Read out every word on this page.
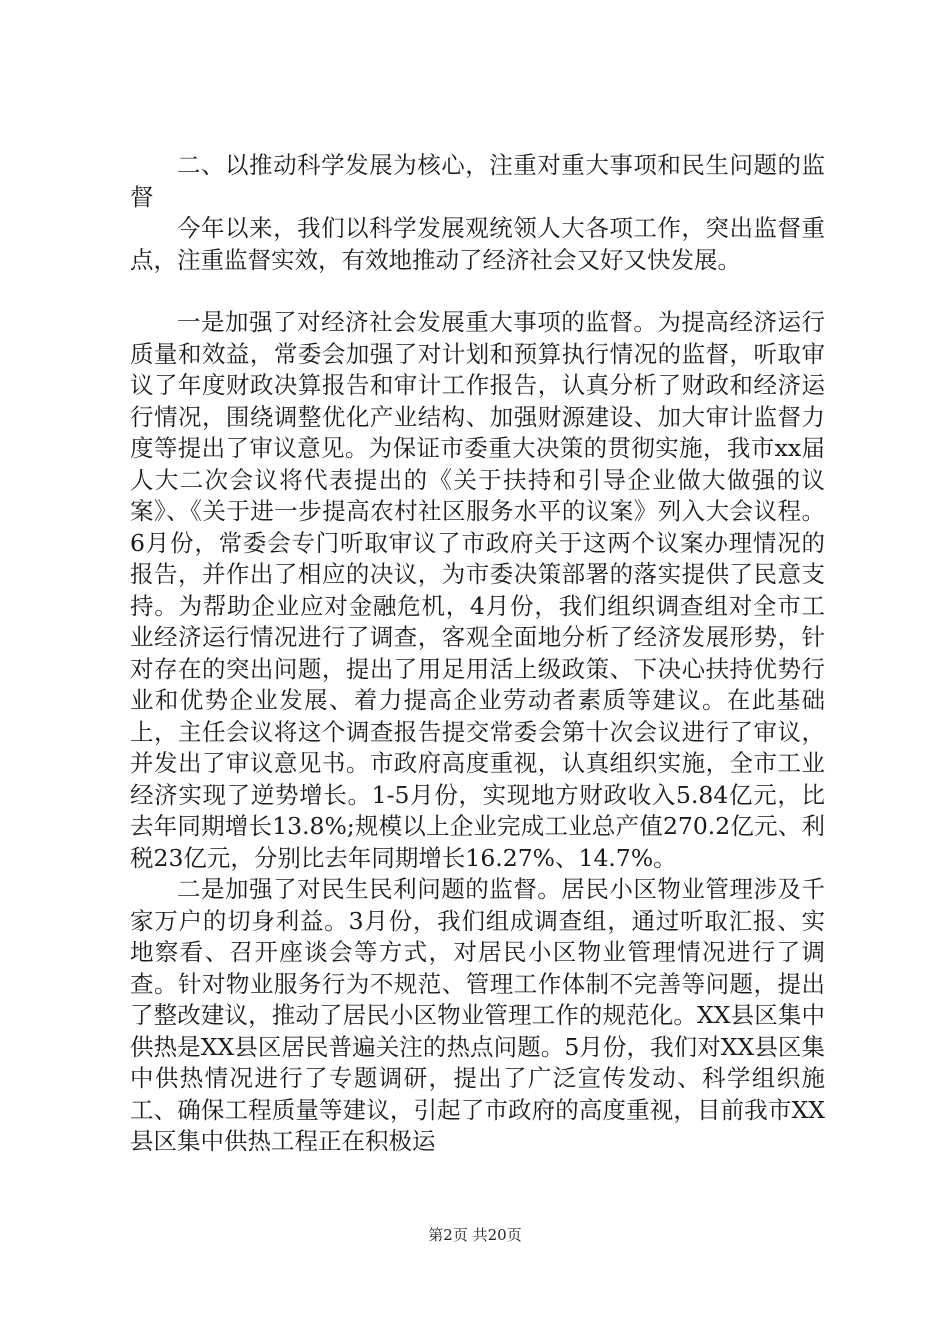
二、以推动科学发展为核心，注重对重大事项和民生问题的监督

今年以来，我们以科学发展观统领人大各项工作，突出监督重点，注重监督实效，有效地推动了经济社会又好又快发展。

一是加强了对经济社会发展重大事项的监督。为提高经济运行质量和效益，常委会加强了对计划和预算执行情况的监督，听取审议了年度财政决算报告和审计工作报告，认真分析了财政和经济运行情况，围绕调整优化产业结构、加强财源建设、加大审计监督力度等提出了审议意见。为保证市委重大决策的贯彻实施，我市xx届人大二次会议将代表提出的《关于扶持和引导企业做大做强的议案》、《关于进一步提高农村社区服务水平的议案》列入大会议程。6月份，常委会专门听取审议了市政府关于这两个议案办理情况的报告，并作出了相应的决议，为市委决策部署的落实提供了民意支持。为帮助企业应对金融危机，4月份，我们组织调查组对全市工业经济运行情况进行了调查，客观全面地分析了经济发展形势，针对存在的突出问题，提出了用足用活上级政策、下决心扶持优势行业和优势企业发展、着力提高企业劳动者素质等建议。在此基础上，主任会议将这个调查报告提交常委会第十次会议进行了审议，并发出了审议意见书。市政府高度重视，认真组织实施，全市工业经济实现了逆势增长。1-5月份，实现地方财政收入5.84亿元，比去年同期增长13.8%;规模以上企业完成工业总产值270.2亿元、利税23亿元，分别比去年同期增长16.27%、14.7%。

二是加强了对民生民利问题的监督。居民小区物业管理涉及千家万户的切身利益。3月份，我们组成调查组，通过听取汇报、实地察看、召开座谈会等方式，对居民小区物业管理情况进行了调查。针对物业服务行为不规范、管理工作体制不完善等问题，提出了整改建议，推动了居民小区物业管理工作的规范化。XX县区集中供热是XX县区居民普遍关注的热点问题。5月份，我们对XX县区集中供热情况进行了专题调研，提出了广泛宣传发动、科学组织施工、确保工程质量等建议，引起了市政府的高度重视，目前我市XX县区集中供热工程正在积极运

第2页 共20页
